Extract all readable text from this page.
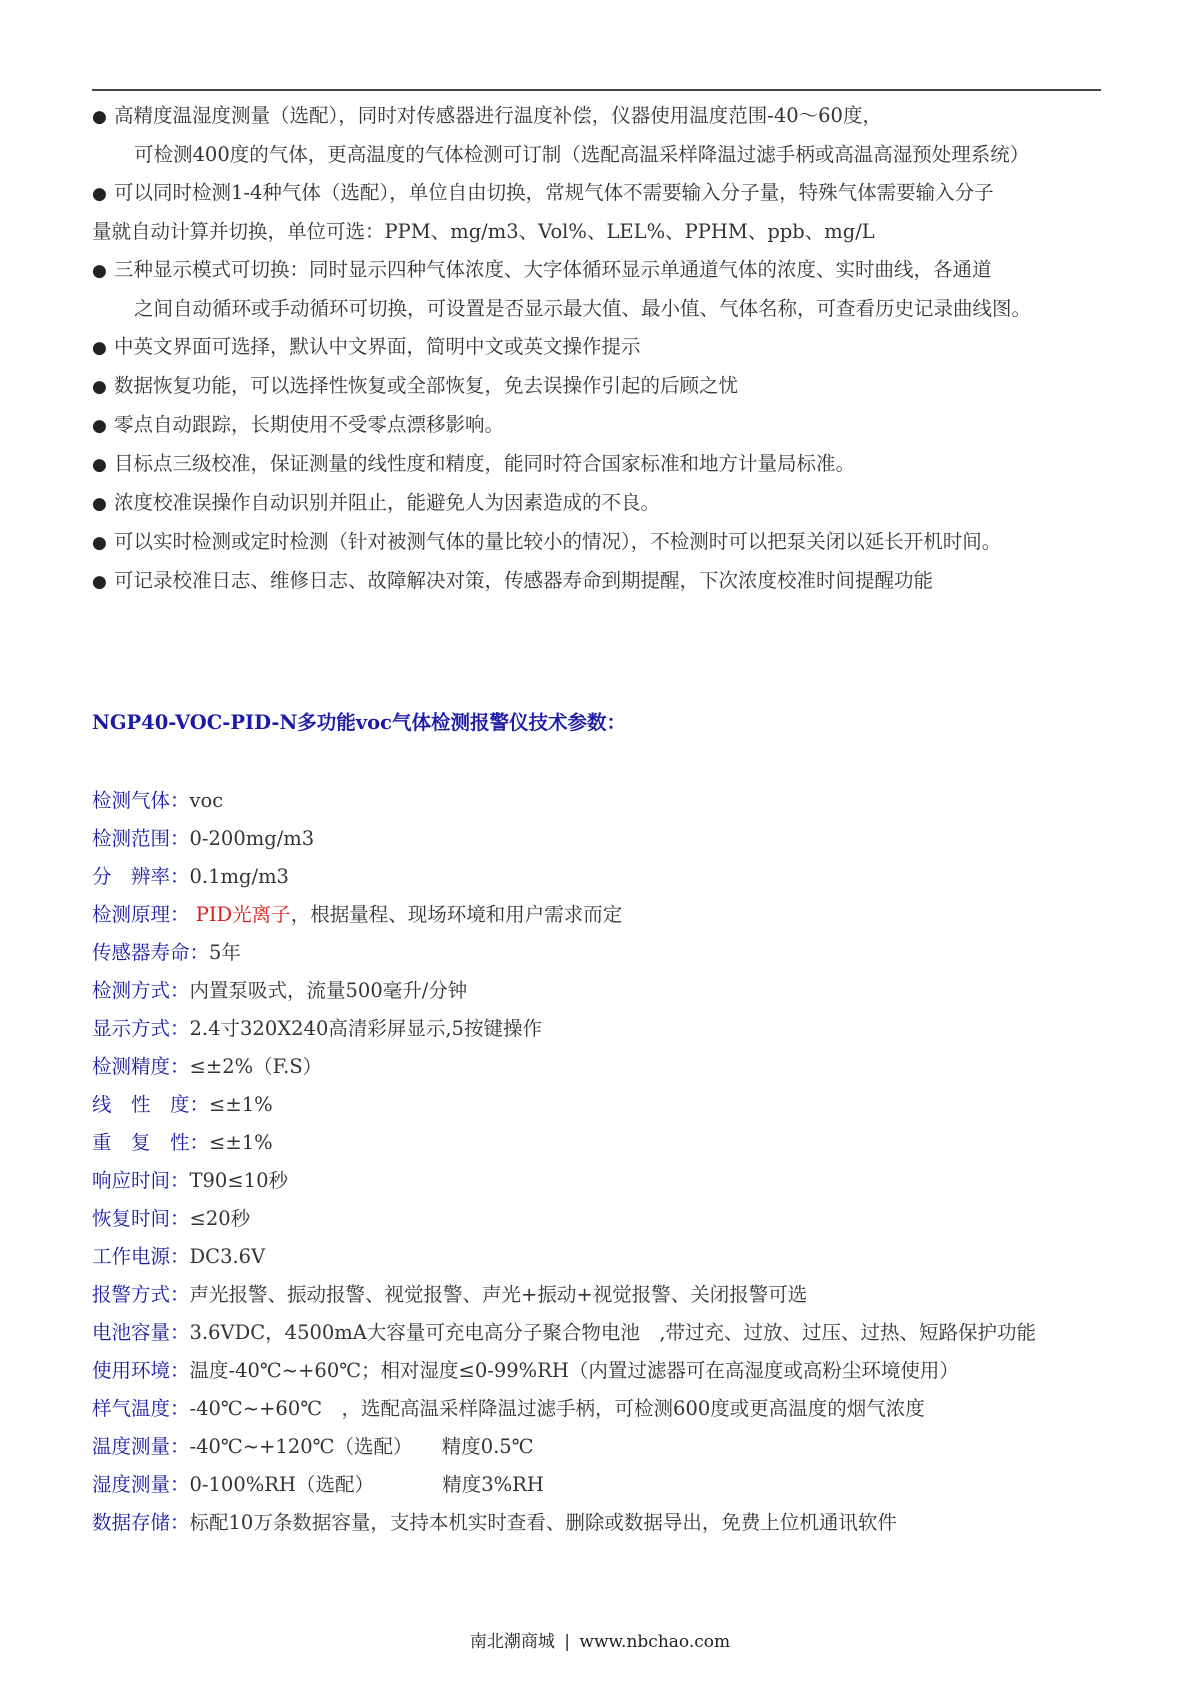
● 高精度温湿度测量（选配），同时对传感器进行温度补偿，仪器使用温度范围-40～60度，
可检测400度的气体，更高温度的气体检测可订制（选配高温采样降温过滤手柄或高温高湿预处理系统）
● 可以同时检测1-4种气体（选配），单位自由切换，常规气体不需要输入分子量，特殊气体需要输入分子
量就自动计算并切换，单位可选：PPM、mg/m3、Vol%、LEL%、PPHM、ppb、mg/L
● 三种显示模式可切换：同时显示四种气体浓度、大字体循环显示单通道气体的浓度、实时曲线，各通道
之间自动循环或手动循环可切换，可设置是否显示最大值、最小值、气体名称，可查看历史记录曲线图。
● 中英文界面可选择，默认中文界面，简明中文或英文操作提示
● 数据恢复功能，可以选择性恢复或全部恢复，免去误操作引起的后顾之忧
● 零点自动跟踪，长期使用不受零点漂移影响。
● 目标点三级校准，保证测量的线性度和精度，能同时符合国家标准和地方计量局标准。
● 浓度校准误操作自动识别并阻止，能避免人为因素造成的不良。
● 可以实时检测或定时检测（针对被测气体的量比较小的情况），不检测时可以把泵关闭以延长开机时间。
● 可记录校准日志、维修日志、故障解决对策，传感器寿命到期提醒，下次浓度校准时间提醒功能
NGP40-VOC-PID-N多功能voc气体检测报警仪技术参数：
检测气体：voc
检测范围：0-200mg/m3
分　辨率：0.1mg/m3
检测原理： PID光离子，根据量程、现场环境和用户需求而定
传感器寿命：5年
检测方式：内置泵吸式，流量500毫升/分钟
显示方式：2.4寸320X240高清彩屏显示,5按键操作
检测精度：≤±2%（F.S）
线　性　度：≤±1%
重　复　性：≤±1%
响应时间：T90≤10秒
恢复时间：≤20秒
工作电源：DC3.6V
报警方式：声光报警、振动报警、视觉报警、声光+振动+视觉报警、关闭报警可选
电池容量：3.6VDC，4500mA大容量可充电高分子聚合物电池　,带过充、过放、过压、过热、短路保护功能
使用环境：温度-40℃~+60℃；相对湿度≤0-99%RH（内置过滤器可在高湿度或高粉尘环境使用）
样气温度：-40℃~+60℃　，选配高温采样降温过滤手柄，可检测600度或更高温度的烟气浓度
温度测量：-40℃~+120℃（选配）　　精度0.5℃
湿度测量：0-100%RH（选配）　　　　精度3%RH
数据存储：标配10万条数据容量，支持本机实时查看、删除或数据导出，免费上位机通讯软件
南北潮商城 | www.nbchao.com
